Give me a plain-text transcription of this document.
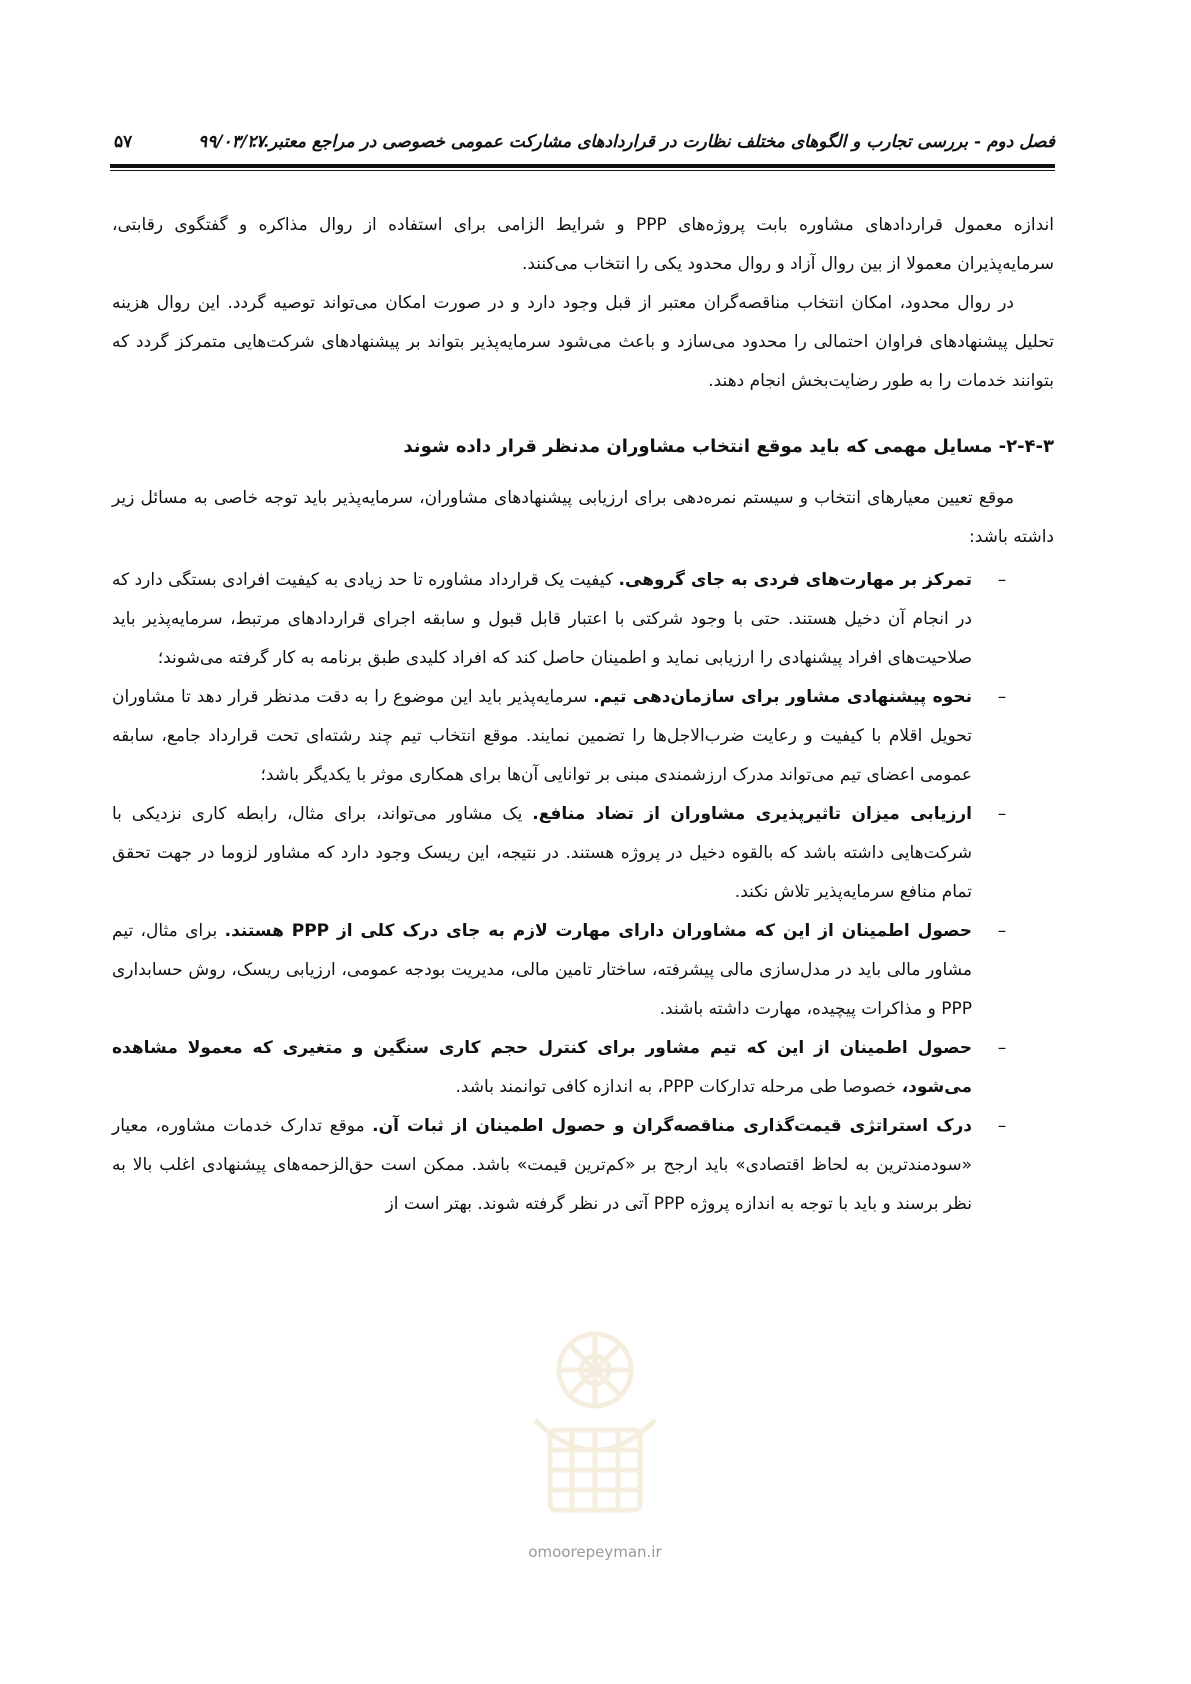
فصل دوم - بررسی تجارب و الگوهای مختلف نظارت در قراردادهای مشارکت عمومی خصوصی در مراجع معتبر...
۹۹/۰۳/۲۷
۵۷

اندازه معمول قراردادهای مشاوره بابت پروژه‌های PPP و شرایط الزامی برای استفاده از روال مذاکره و گفتگوی رقابتی، سرمایه‌پذیران معمولا از بین روال آزاد و روال محدود یکی را انتخاب می‌کنند.

در روال محدود، امکان انتخاب مناقصه‌گران معتبر از قبل وجود دارد و در صورت امکان می‌تواند توصیه گردد. این روال هزینه تحلیل پیشنهادهای فراوان احتمالی را محدود می‌سازد و باعث می‌شود سرمایه‌پذیر بتواند بر پیشنهادهای شرکت‌هایی متمرکز گردد که بتوانند خدمات را به طور رضایت‌بخش انجام دهند.

۲-۴-۳- مسایل مهمی که باید موقع انتخاب مشاوران مدنظر قرار داده شوند

موقع تعیین معیارهای انتخاب و سیستم نمره‌دهی برای ارزیابی پیشنهادهای مشاوران، سرمایه‌پذیر باید توجه خاصی به مسائل زیر داشته باشد:

–
تمرکز بر مهارت‌های فردی به جای گروهی. کیفیت یک قرارداد مشاوره تا حد زیادی به کیفیت افرادی بستگی دارد که در انجام آن دخیل هستند. حتی با وجود شرکتی با اعتبار قابل قبول و سابقه اجرای قراردادهای مرتبط، سرمایه‌پذیر باید صلاحیت‌های افراد پیشنهادی را ارزیابی نماید و اطمینان حاصل کند که افراد کلیدی طبق برنامه به کار گرفته می‌شوند؛
–
نحوه پیشنهادی مشاور برای سازمان‌دهی تیم. سرمایه‌پذیر باید این موضوع را به دقت مدنظر قرار دهد تا مشاوران تحویل اقلام با کیفیت و رعایت ضرب‌الاجل‌ها را تضمین نمایند. موقع انتخاب تیم چند رشته‌ای تحت قرارداد جامع، سابقه عمومی اعضای تیم می‌تواند مدرک ارزشمندی مبنی بر توانایی آن‌ها برای همکاری موثر با یکدیگر باشد؛
–
ارزیابی میزان تاثیرپذیری مشاوران از تضاد منافع. یک مشاور می‌تواند، برای مثال، رابطه کاری نزدیکی با شرکت‌هایی داشته باشد که بالقوه دخیل در پروژه هستند. در نتیجه، این ریسک وجود دارد که مشاور لزوما در جهت تحقق تمام منافع سرمایه‌پذیر تلاش نکند.
–
حصول اطمینان از این که مشاوران دارای مهارت لازم به جای درک کلی از PPP هستند. برای مثال، تیم مشاور مالی باید در مدل‌سازی مالی پیشرفته، ساختار تامین مالی، مدیریت بودجه عمومی، ارزیابی ریسک، روش حسابداری PPP و مذاکرات پیچیده، مهارت داشته باشند.
–
حصول اطمینان از این که تیم مشاور برای کنترل حجم کاری سنگین و متغیری که معمولا مشاهده می‌شود، خصوصا طی مرحله تدارکات PPP، به اندازه کافی توانمند باشد.
–
درک استراتژی قیمت‌گذاری مناقصه‌گران و حصول اطمینان از ثبات آن. موقع تدارک خدمات مشاوره، معیار «سودمندترین به لحاظ اقتصادی» باید ارجح بر «کم‌ترین قیمت» باشد. ممکن است حق‌الزحمه‌های پیشنهادی اغلب بالا به نظر برسند و باید با توجه به اندازه پروژه PPP آتی در نظر گرفته شوند. بهتر است از
omoorepeyman.ir
